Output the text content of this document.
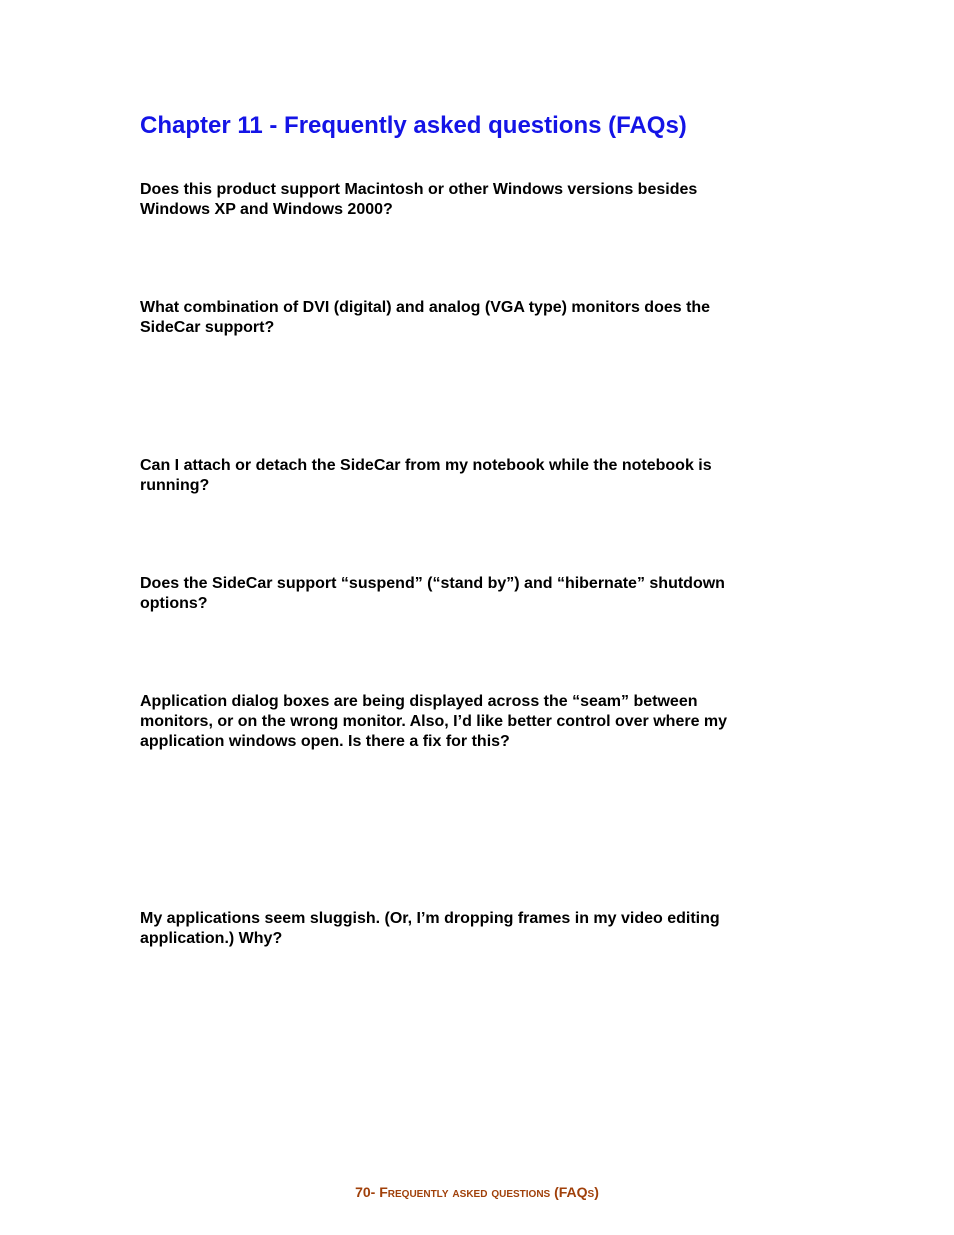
Chapter 11 - Frequently asked questions (FAQs)
Does this product support Macintosh or other Windows versions besides
Windows XP and Windows 2000?
What combination of DVI (digital) and analog (VGA type) monitors does the
SideCar support?
Can I attach or detach the SideCar from my notebook while the notebook is
running?
Does the SideCar support “suspend” (“stand by”) and “hibernate” shutdown
options?
Application dialog boxes are being displayed across the “seam” between
monitors, or on the wrong monitor. Also, I’d like better control over where my
application windows open. Is there a fix for this?
My applications seem sluggish. (Or, I’m dropping frames in my video editing
application.) Why?
70- Frequently asked questions (FAQs)
